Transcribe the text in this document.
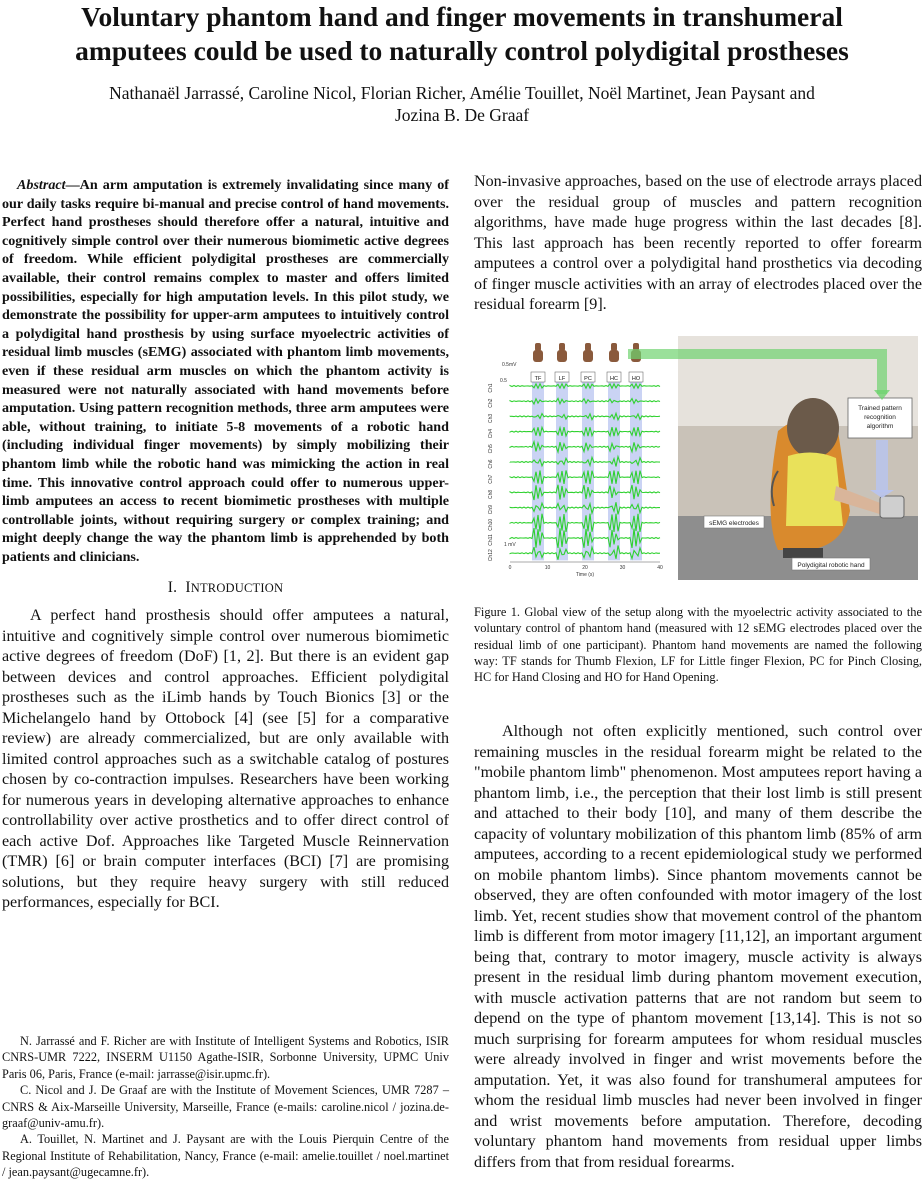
Voluntary phantom hand and finger movements in transhumeral
amputees could be used to naturally control polydigital prostheses
Nathanaël Jarrassé, Caroline Nicol, Florian Richer, Amélie Touillet, Noël Martinet, Jean Paysant and
Jozina B. De Graaf

Abstract—An arm amputation is extremely invalidating since many of our daily tasks require bi-manual and precise control of hand movements. Perfect hand prostheses should therefore offer a natural, intuitive and cognitively simple control over their numerous biomimetic active degrees of freedom. While efficient polydigital prostheses are commercially available, their control remains complex to master and offers limited possibilities, especially for high amputation levels. In this pilot study, we demonstrate the possibility for upper-arm amputees to intuitively control a polydigital hand prosthesis by using surface myoelectric activities of residual limb muscles (sEMG) associated with phantom limb movements, even if these residual arm muscles on which the phantom activity is measured were not naturally associated with hand movements before amputation. Using pattern recognition methods, three arm amputees were able, without training, to initiate 5-8 movements of a robotic hand (including individual finger movements) by simply mobilizing their phantom limb while the robotic hand was mimicking the action in real time. This innovative control approach could offer to numerous upper-limb amputees an access to recent biomimetic prostheses with multiple controllable joints, without requiring surgery or complex training; and might deeply change the way the phantom limb is apprehended by both patients and clinicians.

I. INTRODUCTION

A perfect hand prosthesis should offer amputees a natural, intuitive and cognitively simple control over numerous biomimetic active degrees of freedom (DoF) [1, 2]. But there is an evident gap between devices and control approaches. Efficient polydigital prostheses such as the iLimb hands by Touch Bionics [3] or the Michelangelo hand by Ottobock [4] (see [5] for a comparative review) are already commercialized, but are only available with limited control approaches such as a switchable catalog of postures chosen by co-contraction impulses. Researchers have been working for numerous years in developing alternative approaches to enhance controllability over active prosthetics and to offer direct control of each active Dof. Approaches like Targeted Muscle Reinnervation (TMR) [6] or brain computer interfaces (BCI) [7] are promising solutions, but they require heavy surgery with still reduced performances, especially for BCI.

N. Jarrassé and F. Richer are with Institute of Intelligent Systems and Robotics, ISIR CNRS-UMR 7222, INSERM U1150 Agathe-ISIR, Sorbonne University, UPMC Univ Paris 06, Paris, France (e-mail: jarrasse@isir.upmc.fr).

C. Nicol and J. De Graaf are with the Institute of Movement Sciences, UMR 7287 – CNRS & Aix-Marseille University, Marseille, France (e-mails: caroline.nicol / jozina.de-graaf@univ-amu.fr).

A. Touillet, N. Martinet and J. Paysant are with the Louis Pierquin Centre of the Regional Institute of Rehabilitation, Nancy, France (e-mail: amelie.touillet / noel.martinet / jean.paysant@ugecamne.fr).

Non-invasive approaches, based on the use of electrode arrays placed over the residual group of muscles and pattern recognition algorithms, have made huge progress within the last decades [8]. This last approach has been recently reported to offer forearm amputees a control over a polydigital hand prosthetics via decoding of finger muscle activities with an array of electrodes placed over the residual forearm [9].

TF	LF	PC	HC	HO
Ch1
Ch2
Ch3
Ch4
Ch5
Ch6
Ch7
Ch8
Ch9
Ch10
Ch11
Ch12
0.5mV
0.5
1 mV
0	10	20	30	40
Time (s)
Trained pattern
recognition
algorithm
sEMG electrodes
Polydigital robotic hand

Figure 1. Global view of the setup along with the myoelectric activity associated to the voluntary control of phantom hand (measured with 12 sEMG electrodes placed over the residual limb of one participant). Phantom hand movements are named the following way: TF stands for Thumb Flexion, LF for Little finger Flexion, PC for Pinch Closing, HC for Hand Closing and HO for Hand Opening.

Although not often explicitly mentioned, such control over remaining muscles in the residual forearm might be related to the "mobile phantom limb" phenomenon. Most amputees report having a phantom limb, i.e., the perception that their lost limb is still present and attached to their body [10], and many of them describe the capacity of voluntary mobilization of this phantom limb (85% of arm amputees, according to a recent epidemiological study we performed on mobile phantom limbs). Since phantom movements cannot be observed, they are often confounded with motor imagery of the lost limb. Yet, recent studies show that movement control of the phantom limb is different from motor imagery [11,12], an important argument being that, contrary to motor imagery, muscle activity is always present in the residual limb during phantom movement execution, with muscle activation patterns that are not random but seem to depend on the type of phantom movement [13,14]. This is not so much surprising for forearm amputees for whom residual muscles were already involved in finger and wrist movements before the amputation. Yet, it was also found for transhumeral amputees for whom the residual limb muscles had never been involved in finger and wrist movements before amputation. Therefore, decoding voluntary phantom hand movements from residual upper limbs differs from that from residual forearms.
